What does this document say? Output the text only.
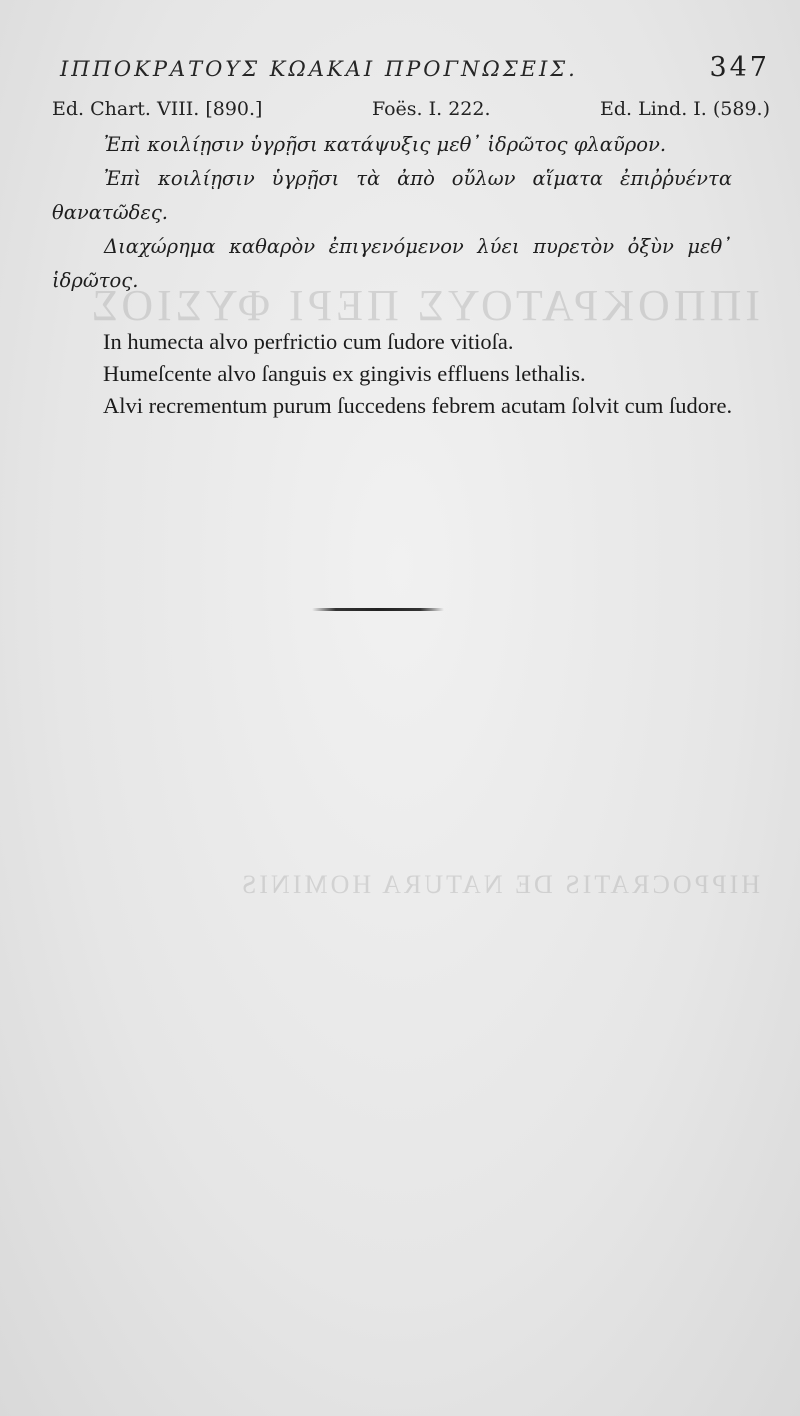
ΙΠΠΟΚΡΑΤΟΥΣ ΠΕΡΙ ΦΥΣΙΟΣ

HIPPOCRATIS DE NATURA HOMINIS

ΙΠΠΟΚΡΑΤΟΥΣ ΚΩΑΚΑΙ ΠΡΟΓΝΩΣΕΙΣ.	347
Ed. Chart. VIII. [890.]	Foës. I. 222.	Ed. Lind. I. (589.)

Ἐπὶ κοιλίῃσιν ὑγρῇσι κατάψυξις μεθ᾽ ἱδρῶτος φλαῦρον.

Ἐπὶ κοιλίῃσιν ὑγρῇσι τὰ ἀπὸ οὔλων αἵματα ἐπιῤῥυέντα θανατῶδες.

Διαχώρημα καθαρὸν ἐπιγενόμενον λύει πυρετὸν ὀξὺν μεθ᾽ ἱδρῶτος.

In humecta alvo perfrictio cum ſudore vitioſa.

Humeſcente alvo ſanguis ex gingivis effluens lethalis.

Alvi recrementum purum ſuccedens febrem acutam ſolvit cum ſudore.
